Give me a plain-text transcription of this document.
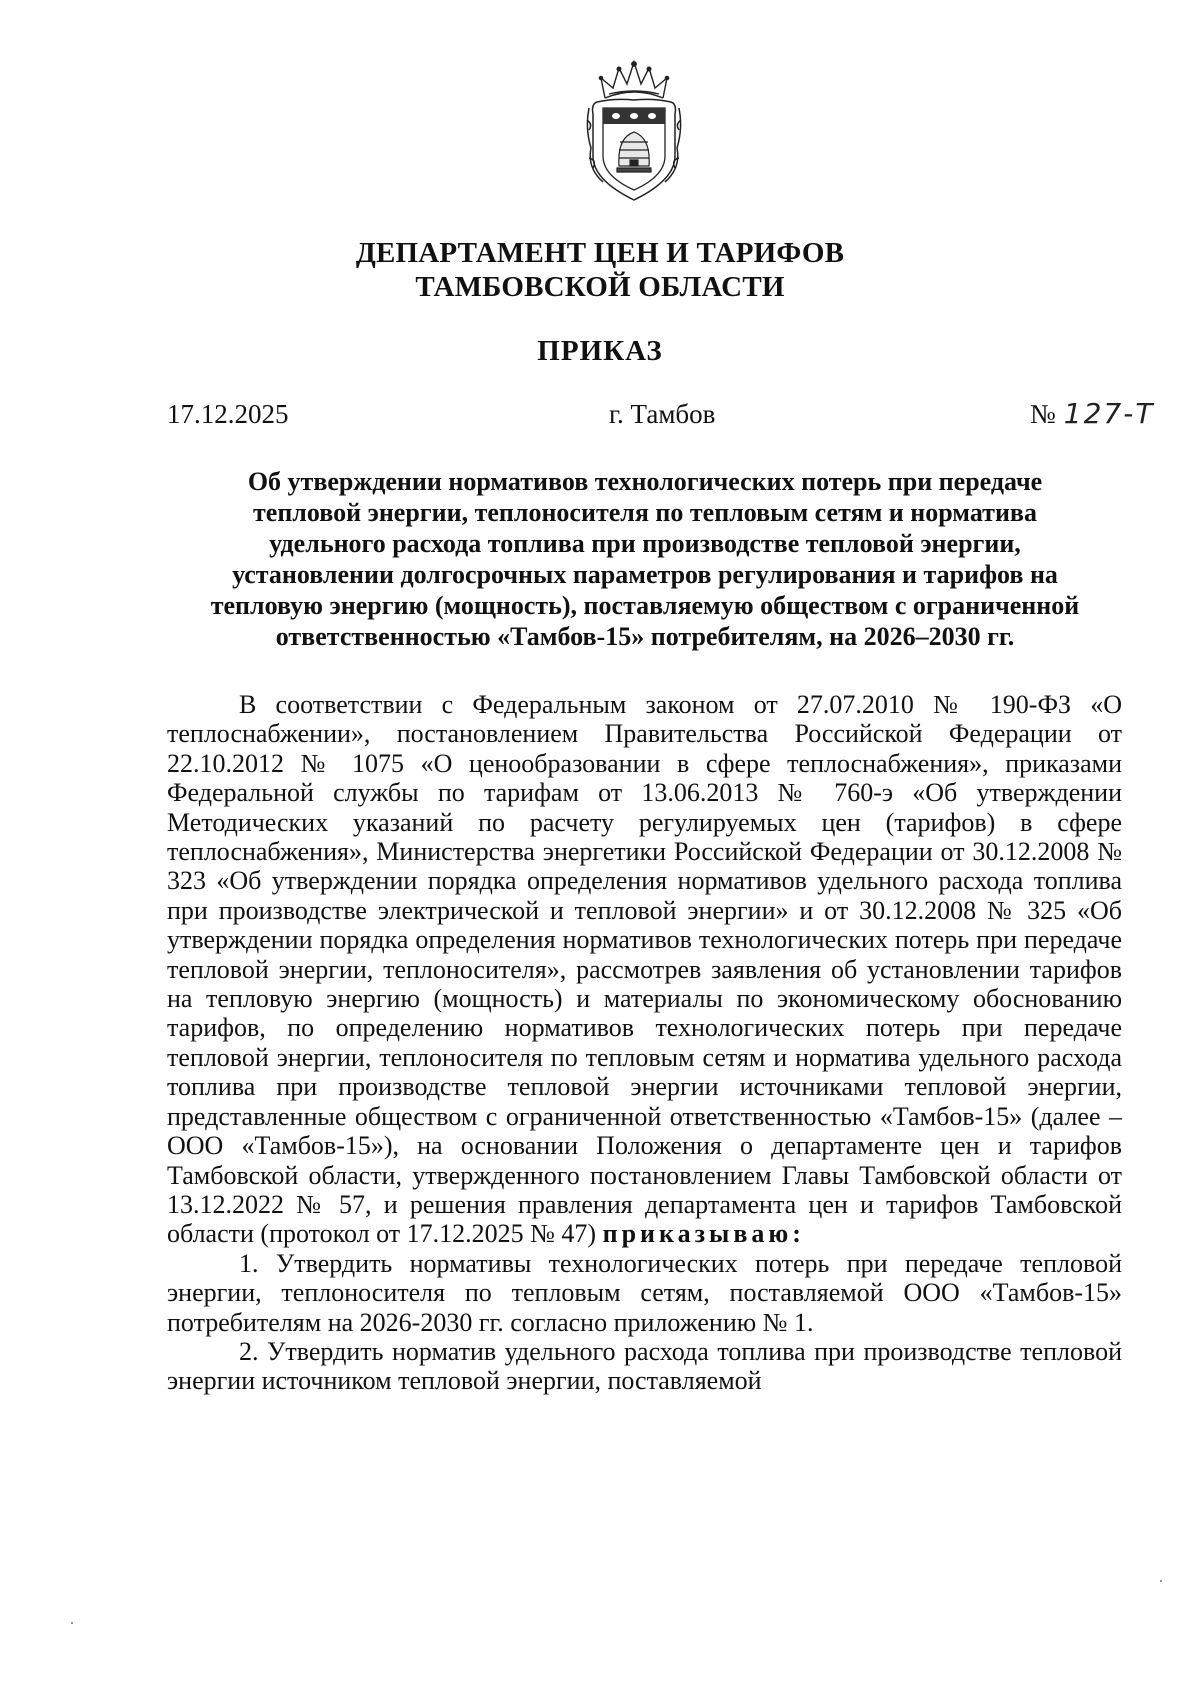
ДЕПАРТАМЕНТ ЦЕН И ТАРИФОВ
ТАМБОВСКОЙ ОБЛАСТИ
ПРИКАЗ
17.12.2025	г. Тамбов	№ 127-Т
Об утверждении нормативов технологических потерь при передаче
тепловой энергии, теплоносителя по тепловым сетям и норматива
удельного расхода топлива при производстве тепловой энергии,
установлении долгосрочных параметров регулирования и тарифов на
тепловую энергию (мощность), поставляемую обществом с ограниченной
ответственностью «Тамбов-15» потребителям, на 2026–2030 гг.

В соответствии с Федеральным законом от 27.07.2010 № 190-ФЗ «О теплоснабжении», постановлением Правительства Российской Федерации от 22.10.2012 № 1075 «О ценообразовании в сфере теплоснабжения», приказами Федеральной службы по тарифам от 13.06.2013 № 760-э «Об утверждении Методических указаний по расчету регулируемых цен (тарифов) в сфере теплоснабжения», Министерства энергетики Российской Федерации от 30.12.2008 № 323 «Об утверждении порядка определения нормативов удельного расхода топлива при производстве электрической и тепловой энергии» и от 30.12.2008 № 325 «Об утверждении порядка определения нормативов технологических потерь при передаче тепловой энергии, теплоносителя», рассмотрев заявления об установлении тарифов на тепловую энергию (мощность) и материалы по экономическому обоснованию тарифов, по определению нормативов технологических потерь при передаче тепловой энергии, теплоносителя по тепловым сетям и норматива удельного расхода топлива при производстве тепловой энергии источниками тепловой энергии, представленные обществом с ограниченной ответственностью «Тамбов-15» (далее – ООО «Тамбов-15»), на основании Положения о департаменте цен и тарифов Тамбовской области, утвержденного постановлением Главы Тамбовской области от 13.12.2022 № 57, и решения правления департамента цен и тарифов Тамбовской области (протокол от 17.12.2025 № 47) приказываю:

1. Утвердить нормативы технологических потерь при передаче тепловой энергии, теплоносителя по тепловым сетям, поставляемой ООО «Тамбов-15» потребителям на 2026-2030 гг. согласно приложению № 1.

2. Утвердить норматив удельного расхода топлива при производстве тепловой энергии источником тепловой энергии, поставляемой
